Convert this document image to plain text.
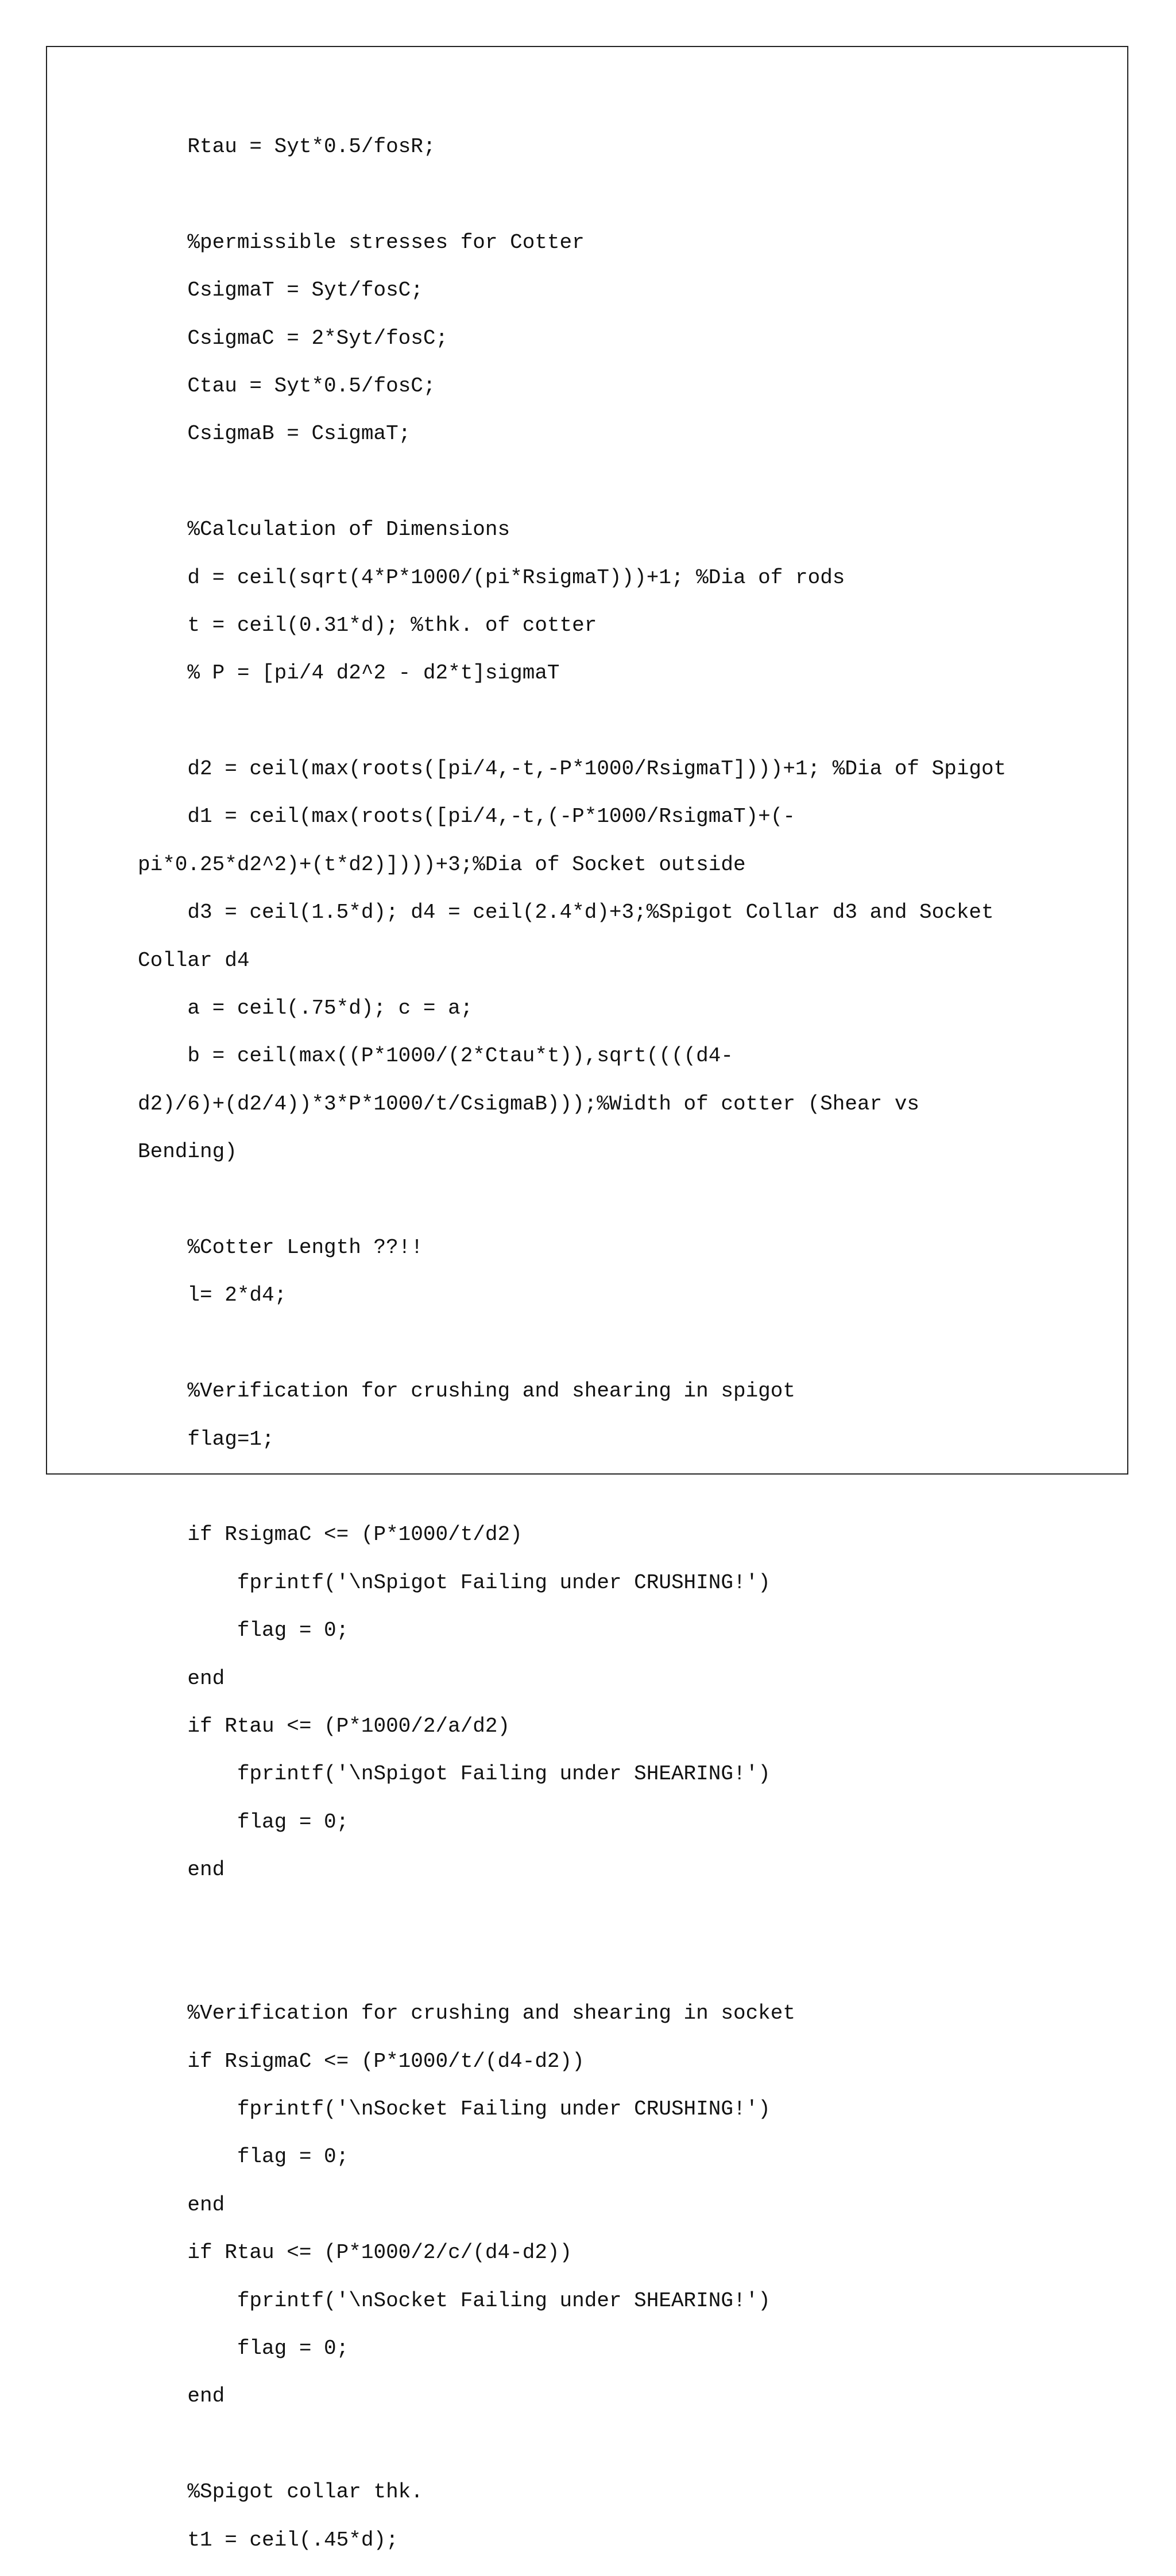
Rtau = Syt*0.5/fosR;

%permissible stresses for Cotter

CsigmaT = Syt/fosC;

CsigmaC = 2*Syt/fosC;

Ctau = Syt*0.5/fosC;

CsigmaB = CsigmaT;

%Calculation of Dimensions

d = ceil(sqrt(4*P*1000/(pi*RsigmaT)))+1; %Dia of rods

t = ceil(0.31*d); %thk. of cotter

% P = [pi/4 d2^2 - d2*t]sigmaT

d2 = ceil(max(roots([pi/4,-t,-P*1000/RsigmaT])))+1; %Dia of Spigot

d1 = ceil(max(roots([pi/4,-t,(-P*1000/RsigmaT)+(-

pi*0.25*d2^2)+(t*d2)])))+3;%Dia of Socket outside

d3 = ceil(1.5*d); d4 = ceil(2.4*d)+3;%Spigot Collar d3 and Socket

Collar d4

a = ceil(.75*d); c = a;

b = ceil(max((P*1000/(2*Ctau*t)),sqrt((((d4-

d2)/6)+(d2/4))*3*P*1000/t/CsigmaB)));%Width of cotter (Shear vs

Bending)

%Cotter Length ??!!

l= 2*d4;

%Verification for crushing and shearing in spigot

flag=1;

if RsigmaC <= (P*1000/t/d2)

fprintf('\nSpigot Failing under CRUSHING!')

flag = 0;

end

if Rtau <= (P*1000/2/a/d2)

fprintf('\nSpigot Failing under SHEARING!')

flag = 0;

end

%Verification for crushing and shearing in socket

if RsigmaC <= (P*1000/t/(d4-d2))

fprintf('\nSocket Failing under CRUSHING!')

flag = 0;

end

if Rtau <= (P*1000/2/c/(d4-d2))

fprintf('\nSocket Failing under SHEARING!')

flag = 0;

end

%Spigot collar thk.

t1 = ceil(.45*d);
